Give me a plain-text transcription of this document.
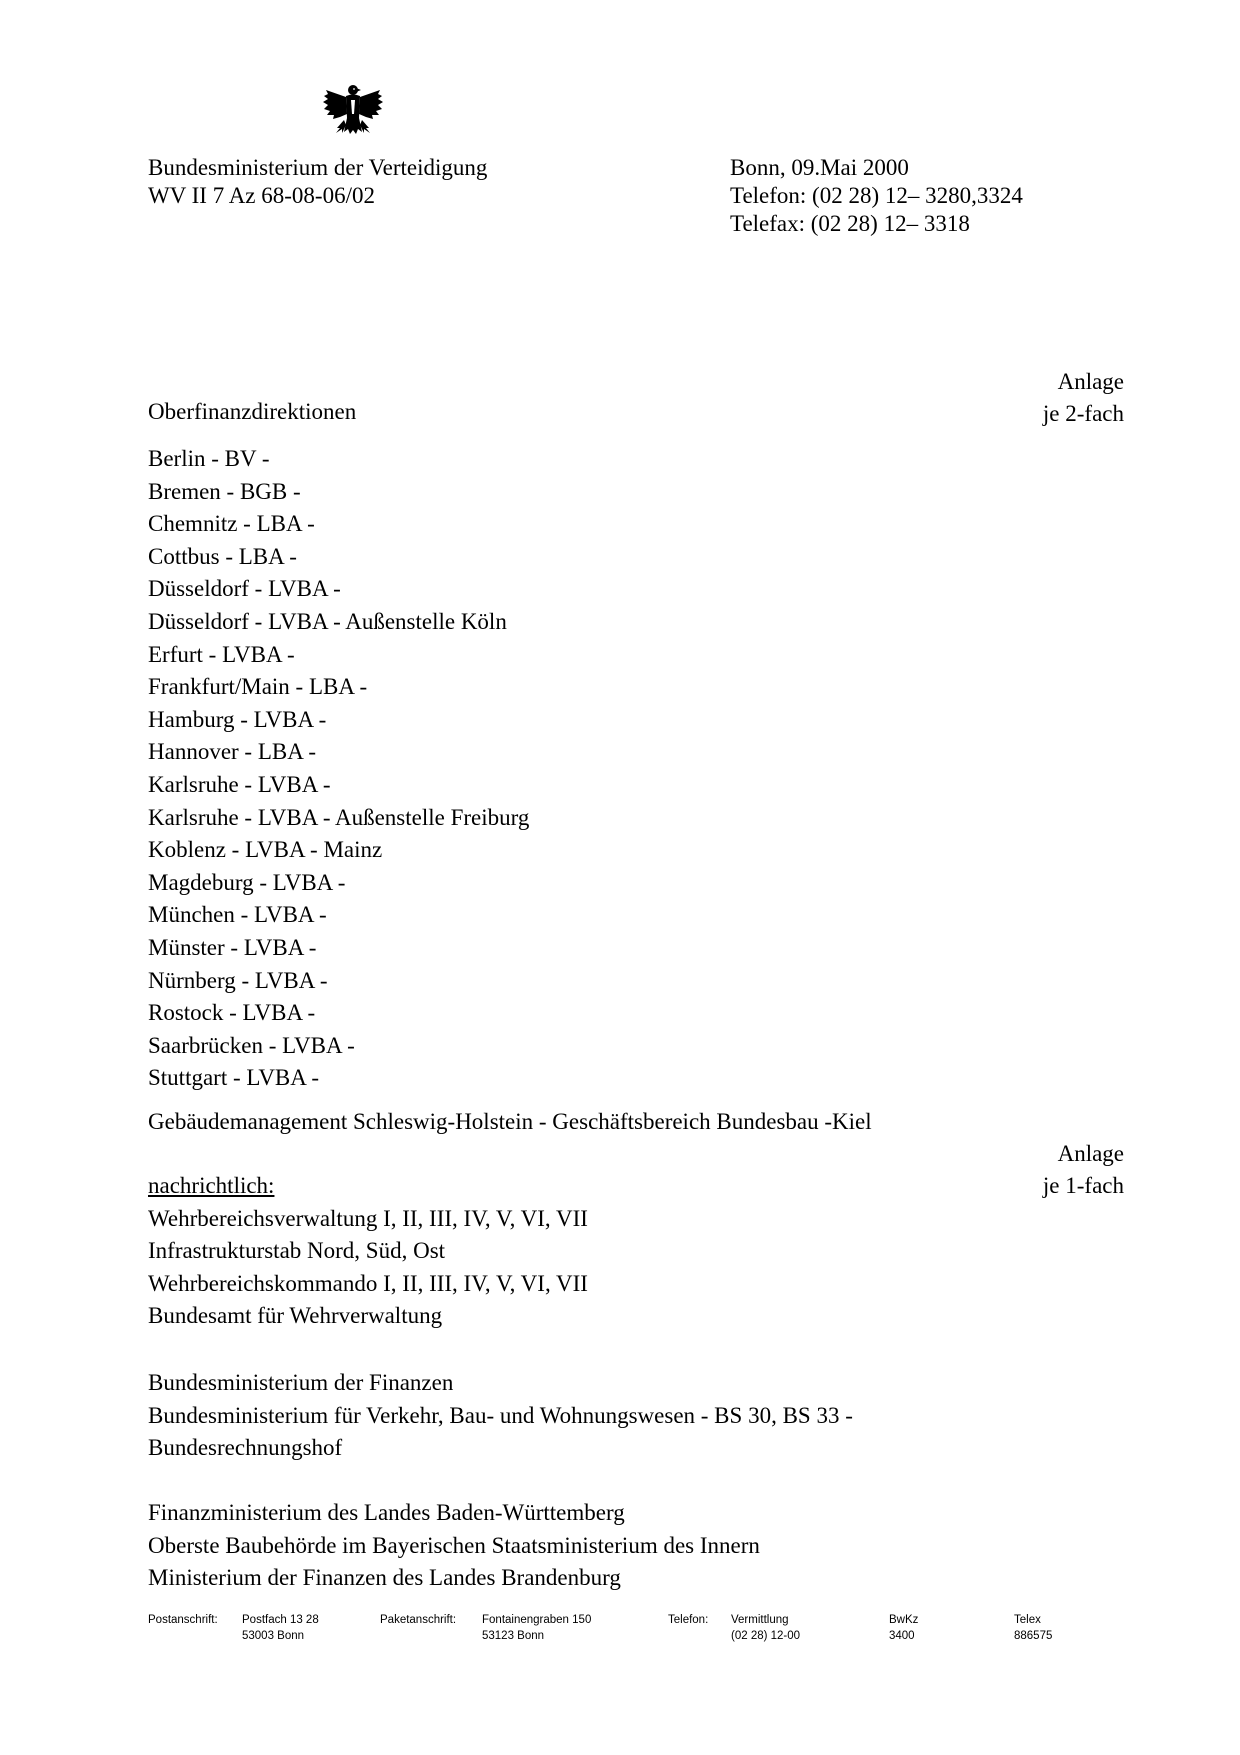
Bundesministerium der Verteidigung
WV II 7 Az 68-08-06/02
Bonn, 09.Mai 2000
Telefon: (02 28) 12– 3280,3324
Telefax: (02 28) 12– 3318
Anlage
je 2-fach
Oberfinanzdirektionen
Berlin - BV -
Bremen - BGB -
Chemnitz - LBA -
Cottbus - LBA -
Düsseldorf - LVBA -
Düsseldorf - LVBA - Außenstelle Köln
Erfurt - LVBA -
Frankfurt/Main - LBA -
Hamburg - LVBA -
Hannover - LBA -
Karlsruhe - LVBA -
Karlsruhe - LVBA - Außenstelle Freiburg
Koblenz - LVBA - Mainz
Magdeburg - LVBA -
München - LVBA -
Münster - LVBA -
Nürnberg - LVBA -
Rostock - LVBA -
Saarbrücken - LVBA -
Stuttgart - LVBA -
Gebäudemanagement Schleswig-Holstein - Geschäftsbereich Bundesbau -Kiel
Anlage
je 1-fach
nachrichtlich:
Wehrbereichsverwaltung I, II, III, IV, V, VI, VII
Infrastrukturstab Nord, Süd, Ost
Wehrbereichskommando I, II, III, IV, V, VI, VII
Bundesamt für Wehrverwaltung
Bundesministerium der Finanzen
Bundesministerium für Verkehr, Bau- und Wohnungswesen - BS 30, BS 33 -
Bundesrechnungshof
Finanzministerium des Landes Baden-Württemberg
Oberste Baubehörde im Bayerischen Staatsministerium des Innern
Ministerium der Finanzen des Landes Brandenburg
Postanschrift: Postfach 13 28
53003 Bonn
Paketanschrift: Fontainengraben 150
53123 Bonn
Telefon: Vermittlung
(02 28) 12-00
BwKz
3400
Telex
886575
